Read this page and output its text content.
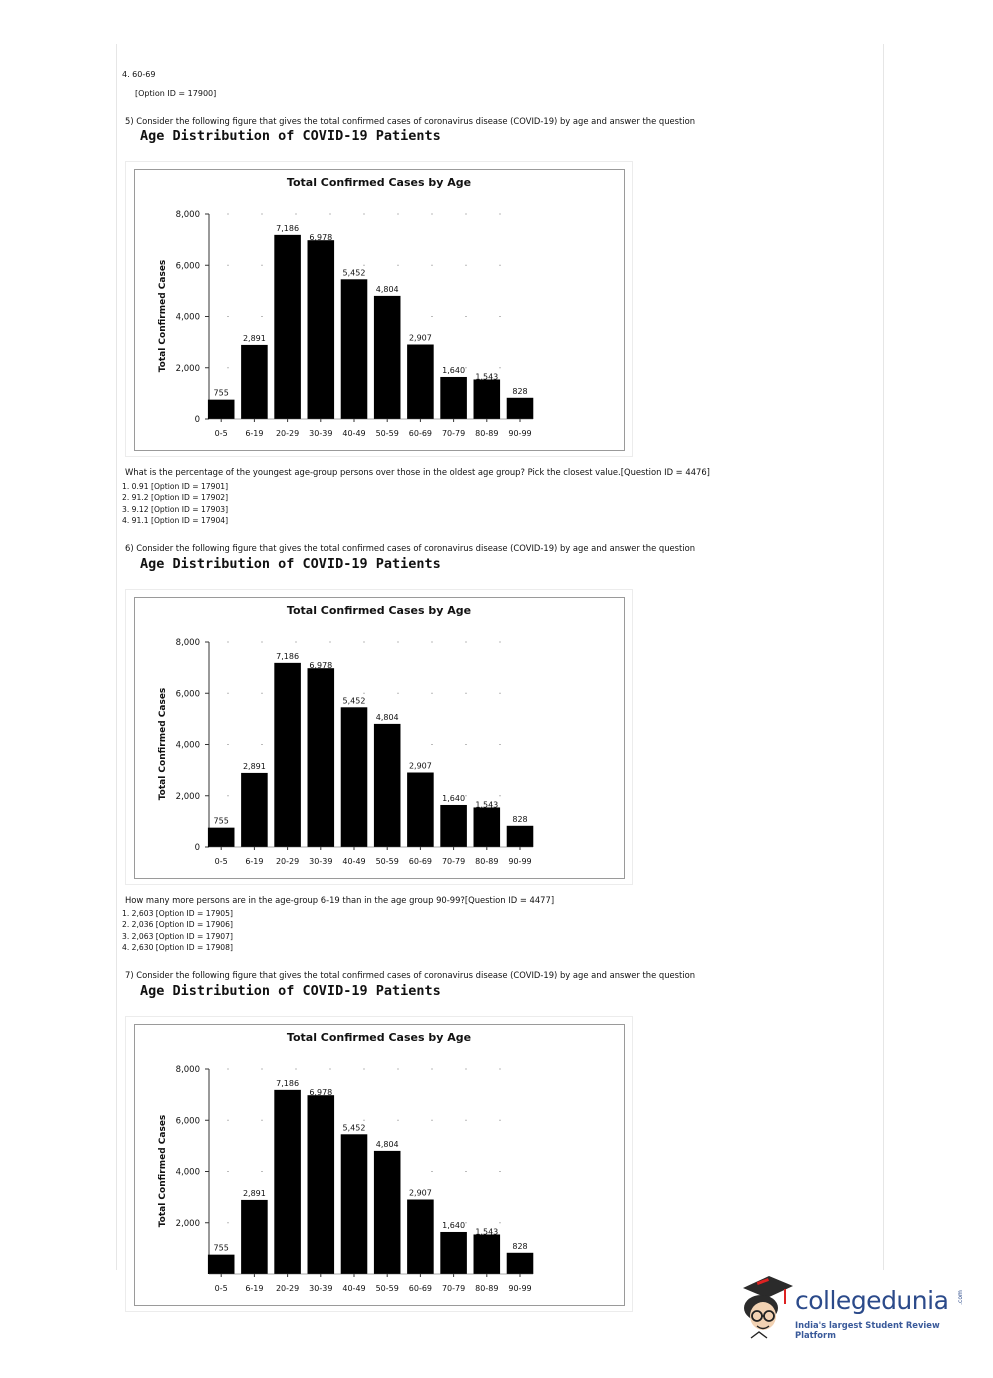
4. 60-69
[Option ID = 17900]
5) Consider the following figure that gives the total confirmed cases of coronavirus disease (COVID-19) by age and answer the question
Age Distribution of COVID-19 Patients
Total Confirmed Cases by Age
Total Confirmed Cases
0
2,000
4,000
6,000
8,000
755
0-5
2,891
6-19
7,186
20-29
6,978
30-39
5,452
40-49
4,804
50-59
2,907
60-69
1,640
70-79
1,543
80-89
828
90-99
What is the percentage of the youngest age-group persons over those in the oldest age group? Pick the closest value.[Question ID = 4476]
1. 0.91 [Option ID = 17901]
2. 91.2 [Option ID = 17902]
3. 9.12 [Option ID = 17903]
4. 91.1 [Option ID = 17904]
6) Consider the following figure that gives the total confirmed cases of coronavirus disease (COVID-19) by age and answer the question
Age Distribution of COVID-19 Patients
Total Confirmed Cases by Age
Total Confirmed Cases
0
2,000
4,000
6,000
8,000
755
0-5
2,891
6-19
7,186
20-29
6,978
30-39
5,452
40-49
4,804
50-59
2,907
60-69
1,640
70-79
1,543
80-89
828
90-99
How many more persons are in the age-group 6-19 than in the age group 90-99?[Question ID = 4477]
1. 2,603 [Option ID = 17905]
2. 2,036 [Option ID = 17906]
3. 2,063 [Option ID = 17907]
4. 2,630 [Option ID = 17908]
7) Consider the following figure that gives the total confirmed cases of coronavirus disease (COVID-19) by age and answer the question
Age Distribution of COVID-19 Patients
Total Confirmed Cases by Age
Total Confirmed Cases 2,000
4,000
6,000
8,000
755
0-5
2,891
6-19
7,186
20-29
6,978
30-39
5,452
40-49
4,804
50-59
2,907
60-69
1,640
70-79
1,543
80-89
828
90-99	collegedunia .com
India's largest Student Review Platform
